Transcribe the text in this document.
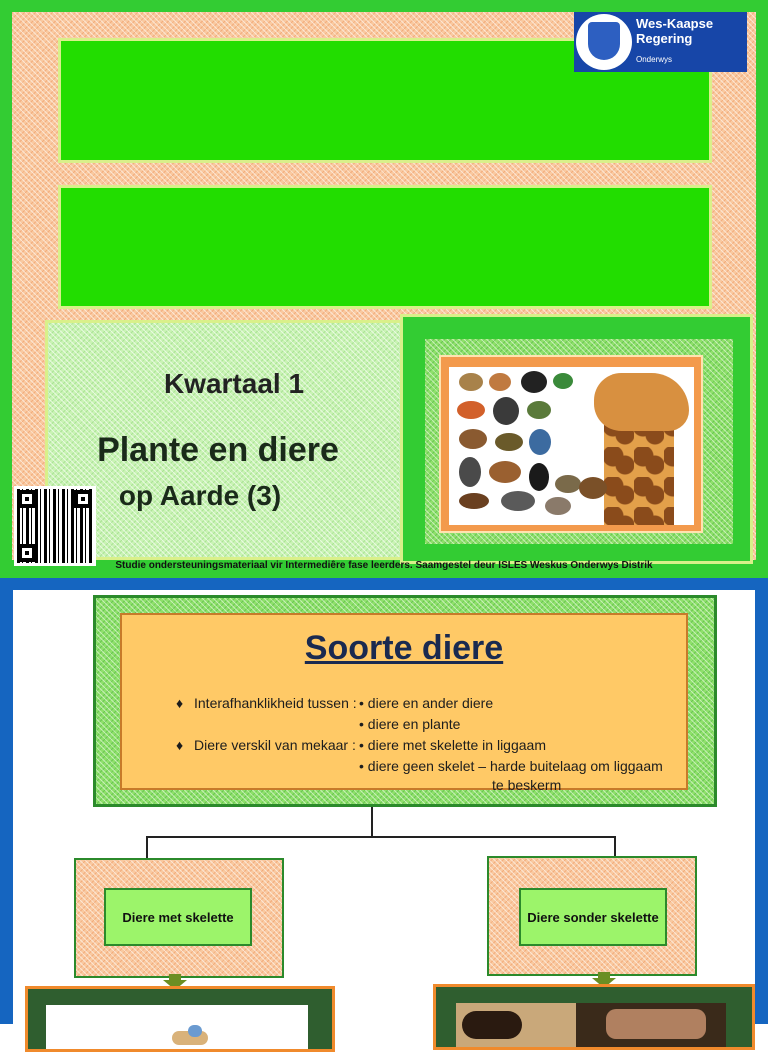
Wes-Kaapse
Regering
Onderwys
Kwartaal 1
Plante en diere
op Aarde (3)
Studie ondersteuningsmateriaal vir Intermediêre fase leerders. Saamgestel deur ISLES Weskus Onderwys Distrik
Soorte diere
♦ Interafhanklikheid tussen : • diere en ander diere
• diere en plante
♦ Diere verskil van mekaar : • diere met skelette in liggaam
• diere geen skelet – harde buitelaag om liggaam
te beskerm
Diere met skelette	Diere sonder skelette
